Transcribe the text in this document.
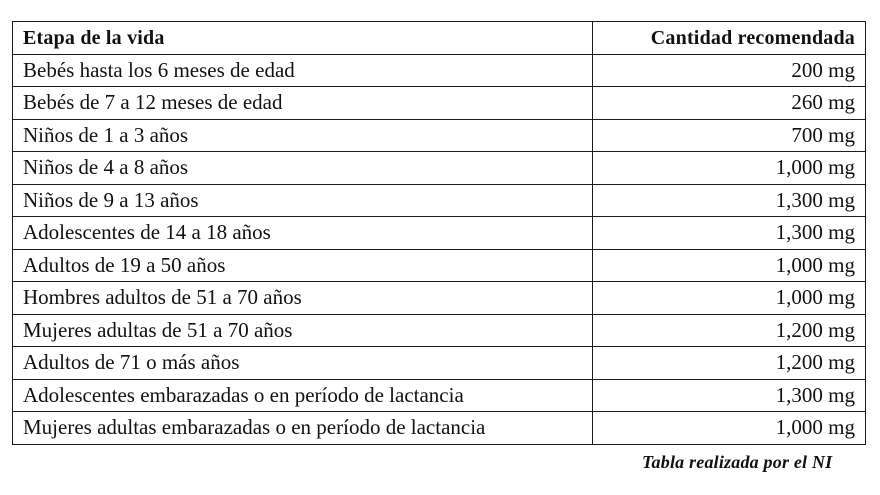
Etapa de la vida	Cantidad recomendada
Bebés hasta los 6 meses de edad	200 mg
Bebés de 7 a 12 meses de edad	260 mg
Niños de 1 a 3 años	700 mg
Niños de 4 a 8 años	1,000 mg
Niños de 9 a 13 años	1,300 mg
Adolescentes de 14 a 18 años	1,300 mg
Adultos de 19 a 50 años	1,000 mg
Hombres adultos de 51 a 70 años	1,000 mg
Mujeres adultas de 51 a 70 años	1,200 mg
Adultos de 71 o más años	1,200 mg
Adolescentes embarazadas o en período de lactancia	1,300 mg
Mujeres adultas embarazadas o en período de lactancia	1,000 mg
Tabla realizada por el NI
